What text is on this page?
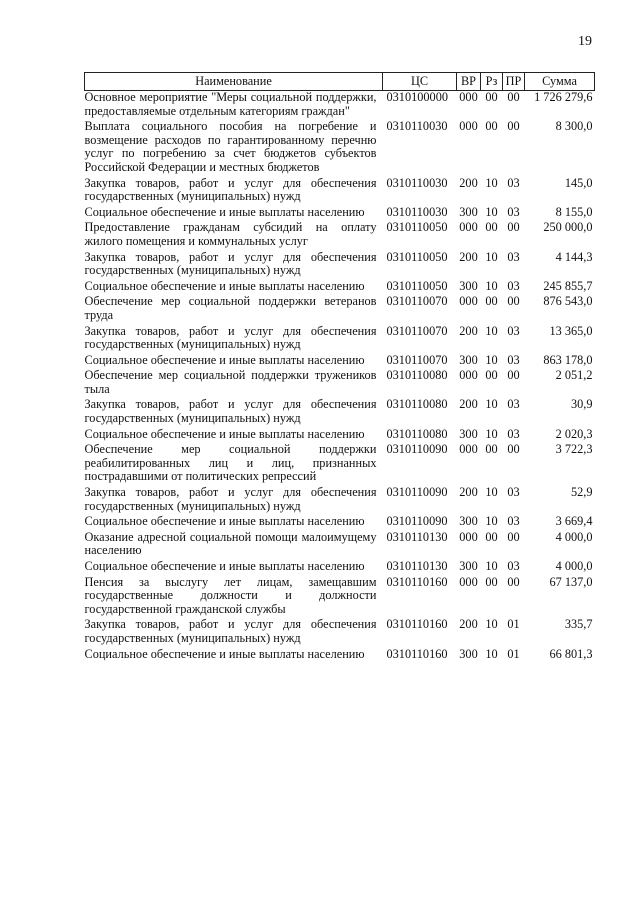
19
Наименование	ЦС	ВР	Рз	ПР	Сумма
Основное мероприятие "Меры социальной поддержки, предоставляемые отдельным категориям граждан"	0310100000	000	00	00	1 726 279,6
Выплата социального пособия на погребение и возмещение расходов по гарантированному перечню услуг по погребению за счет бюджетов субъектов Российской Федерации и местных бюджетов	0310110030	000	00	00	8 300,0
Закупка товаров, работ и услуг для обеспечения государственных (муниципальных) нужд	0310110030	200	10	03	145,0
Социальное обеспечение и иные выплаты населению	0310110030	300	10	03	8 155,0
Предоставление гражданам субсидий на оплату жилого помещения и коммунальных услуг	0310110050	000	00	00	250 000,0
Закупка товаров, работ и услуг для обеспечения государственных (муниципальных) нужд	0310110050	200	10	03	4 144,3
Социальное обеспечение и иные выплаты населению	0310110050	300	10	03	245 855,7
Обеспечение мер социальной поддержки ветеранов труда	0310110070	000	00	00	876 543,0
Закупка товаров, работ и услуг для обеспечения государственных (муниципальных) нужд	0310110070	200	10	03	13 365,0
Социальное обеспечение и иные выплаты населению	0310110070	300	10	03	863 178,0
Обеспечение мер социальной поддержки тружеников тыла	0310110080	000	00	00	2 051,2
Закупка товаров, работ и услуг для обеспечения государственных (муниципальных) нужд	0310110080	200	10	03	30,9
Социальное обеспечение и иные выплаты населению	0310110080	300	10	03	2 020,3
Обеспечение мер социальной поддержки реабилитированных лиц и лиц, признанных пострадавшими от политических репрессий	0310110090	000	00	00	3 722,3
Закупка товаров, работ и услуг для обеспечения государственных (муниципальных) нужд	0310110090	200	10	03	52,9
Социальное обеспечение и иные выплаты населению	0310110090	300	10	03	3 669,4
Оказание адресной социальной помощи малоимущему населению	0310110130	000	00	00	4 000,0
Социальное обеспечение и иные выплаты населению	0310110130	300	10	03	4 000,0
Пенсия за выслугу лет лицам, замещавшим государственные должности и должности государственной гражданской службы	0310110160	000	00	00	67 137,0
Закупка товаров, работ и услуг для обеспечения государственных (муниципальных) нужд	0310110160	200	10	01	335,7
Социальное обеспечение и иные выплаты населению	0310110160	300	10	01	66 801,3
